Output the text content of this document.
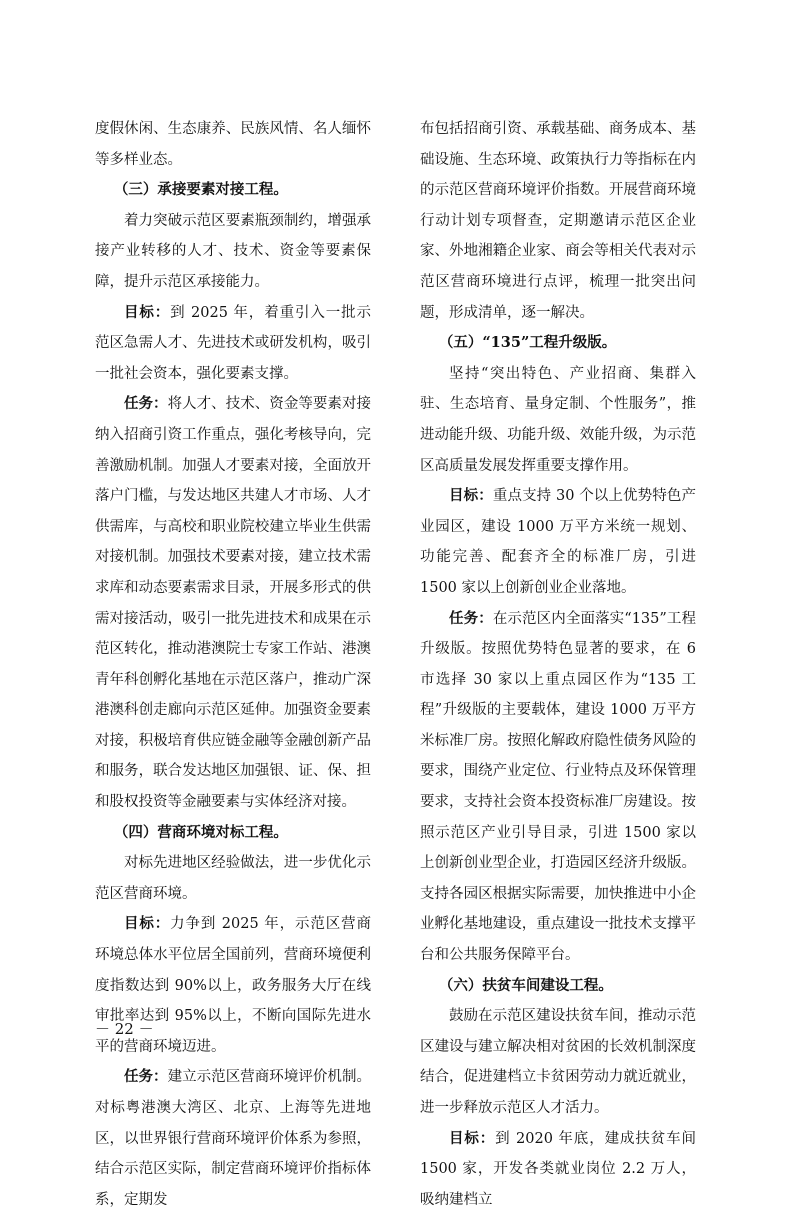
度假休闲、生态康养、民族风情、名人缅怀等多样业态。

（三）承接要素对接工程。

着力突破示范区要素瓶颈制约，增强承接产业转移的人才、技术、资金等要素保障，提升示范区承接能力。

目标：到 2025 年，着重引入一批示范区急需人才、先进技术或研发机构，吸引一批社会资本，强化要素支撑。

任务：将人才、技术、资金等要素对接纳入招商引资工作重点，强化考核导向，完善激励机制。加强人才要素对接，全面放开落户门槛，与发达地区共建人才市场、人才供需库，与高校和职业院校建立毕业生供需对接机制。加强技术要素对接，建立技术需求库和动态要素需求目录，开展多形式的供需对接活动，吸引一批先进技术和成果在示范区转化，推动港澳院士专家工作站、港澳青年科创孵化基地在示范区落户，推动广深港澳科创走廊向示范区延伸。加强资金要素对接，积极培育供应链金融等金融创新产品和服务，联合发达地区加强银、证、保、担和股权投资等金融要素与实体经济对接。

（四）营商环境对标工程。

对标先进地区经验做法，进一步优化示范区营商环境。

目标：力争到 2025 年，示范区营商环境总体水平位居全国前列，营商环境便利度指数达到 90%以上，政务服务大厅在线审批率达到 95%以上，不断向国际先进水平的营商环境迈进。

任务：建立示范区营商环境评价机制。对标粤港澳大湾区、北京、上海等先进地区，以世界银行营商环境评价体系为参照，结合示范区实际，制定营商环境评价指标体系，定期发

布包括招商引资、承载基础、商务成本、基础设施、生态环境、政策执行力等指标在内的示范区营商环境评价指数。开展营商环境行动计划专项督查，定期邀请示范区企业家、外地湘籍企业家、商会等相关代表对示范区营商环境进行点评，梳理一批突出问题，形成清单，逐一解决。

（五）“135”工程升级版。

坚持“突出特色、产业招商、集群入驻、生态培育、量身定制、个性服务”，推进动能升级、功能升级、效能升级，为示范区高质量发展发挥重要支撑作用。

目标：重点支持 30 个以上优势特色产业园区，建设 1000 万平方米统一规划、功能完善、配套齐全的标准厂房，引进 1500 家以上创新创业企业落地。

任务：在示范区内全面落实“135”工程升级版。按照优势特色显著的要求，在 6 市选择 30 家以上重点园区作为“135 工程”升级版的主要载体，建设 1000 万平方米标准厂房。按照化解政府隐性债务风险的要求，围绕产业定位、行业特点及环保管理要求，支持社会资本投资标准厂房建设。按照示范区产业引导目录，引进 1500 家以上创新创业型企业，打造园区经济升级版。支持各园区根据实际需要，加快推进中小企业孵化基地建设，重点建设一批技术支撑平台和公共服务保障平台。

（六）扶贫车间建设工程。

鼓励在示范区建设扶贫车间，推动示范区建设与建立解决相对贫困的长效机制深度结合，促进建档立卡贫困劳动力就近就业，进一步释放示范区人才活力。

目标：到 2020 年底，建成扶贫车间 1500 家，开发各类就业岗位 2.2 万人，吸纳建档立

－ 22 －
